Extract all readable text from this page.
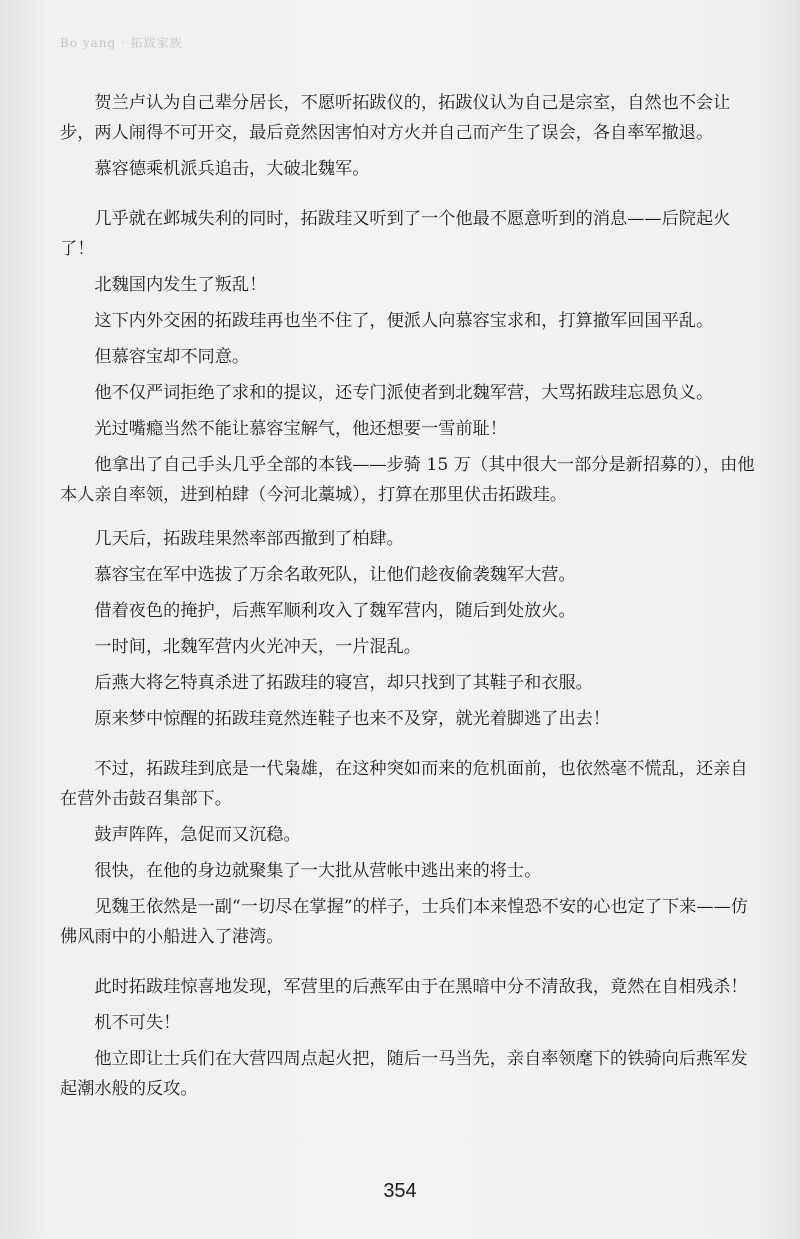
Bo yang · 拓跋家族

贺兰卢认为自己辈分居长，不愿听拓跋仪的，拓跋仪认为自己是宗室，自然也不会让步，两人闹得不可开交，最后竟然因害怕对方火并自己而产生了误会，各自率军撤退。

慕容德乘机派兵追击，大破北魏军。

几乎就在邺城失利的同时，拓跋珪又听到了一个他最不愿意听到的消息——后院起火了！

北魏国内发生了叛乱！

这下内外交困的拓跋珪再也坐不住了，便派人向慕容宝求和，打算撤军回国平乱。

但慕容宝却不同意。

他不仅严词拒绝了求和的提议，还专门派使者到北魏军营，大骂拓跋珪忘恩负义。

光过嘴瘾当然不能让慕容宝解气，他还想要一雪前耻！

他拿出了自己手头几乎全部的本钱——步骑 15 万（其中很大一部分是新招募的），由他本人亲自率领，进到柏肆（今河北藁城），打算在那里伏击拓跋珪。

几天后，拓跋珪果然率部西撤到了柏肆。

慕容宝在军中选拔了万余名敢死队，让他们趁夜偷袭魏军大营。

借着夜色的掩护，后燕军顺利攻入了魏军营内，随后到处放火。

一时间，北魏军营内火光冲天，一片混乱。

后燕大将乞特真杀进了拓跋珪的寝宫，却只找到了其鞋子和衣服。

原来梦中惊醒的拓跋珪竟然连鞋子也来不及穿，就光着脚逃了出去！

不过，拓跋珪到底是一代枭雄，在这种突如而来的危机面前，也依然毫不慌乱，还亲自在营外击鼓召集部下。

鼓声阵阵，急促而又沉稳。

很快，在他的身边就聚集了一大批从营帐中逃出来的将士。

见魏王依然是一副“一切尽在掌握”的样子，士兵们本来惶恐不安的心也定了下来——仿佛风雨中的小船进入了港湾。

此时拓跋珪惊喜地发现，军营里的后燕军由于在黑暗中分不清敌我，竟然在自相残杀！

机不可失！

他立即让士兵们在大营四周点起火把，随后一马当先，亲自率领麾下的铁骑向后燕军发起潮水般的反攻。

354
